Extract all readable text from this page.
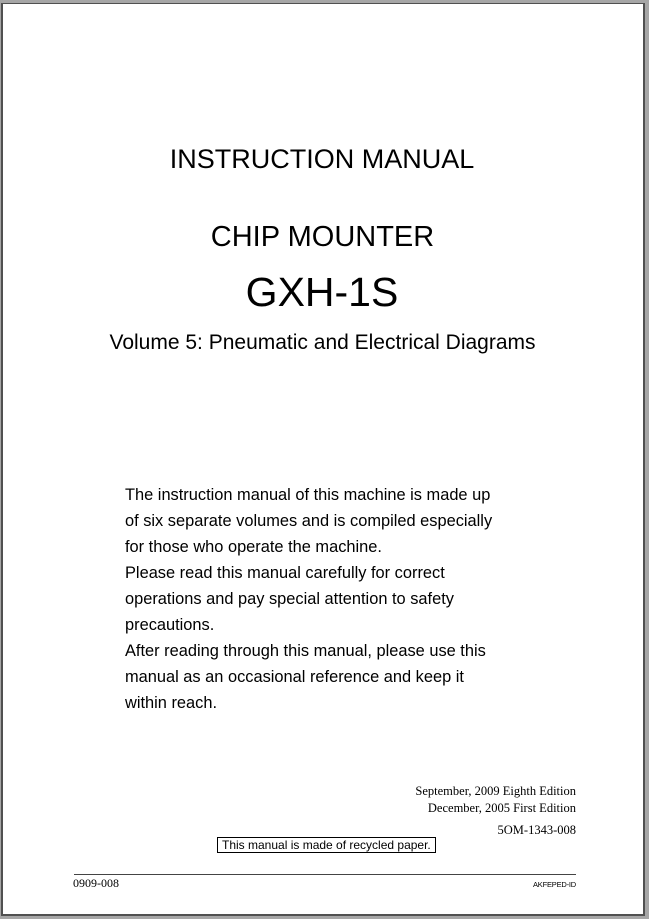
INSTRUCTION MANUAL
CHIP MOUNTER
GXH-1S
Volume 5: Pneumatic and Electrical Diagrams
The instruction manual of this machine is made up
of six separate volumes and is compiled especially
for those who operate the machine.
Please read this manual carefully for correct
operations and pay special attention to safety
precautions.
After reading through this manual, please use this
manual as an occasional reference and keep it
within reach.
September, 2009 Eighth Edition
December, 2005 First Edition
5OM-1343-008
This manual is made of recycled paper.
0909-008	AKFEPED-ID
